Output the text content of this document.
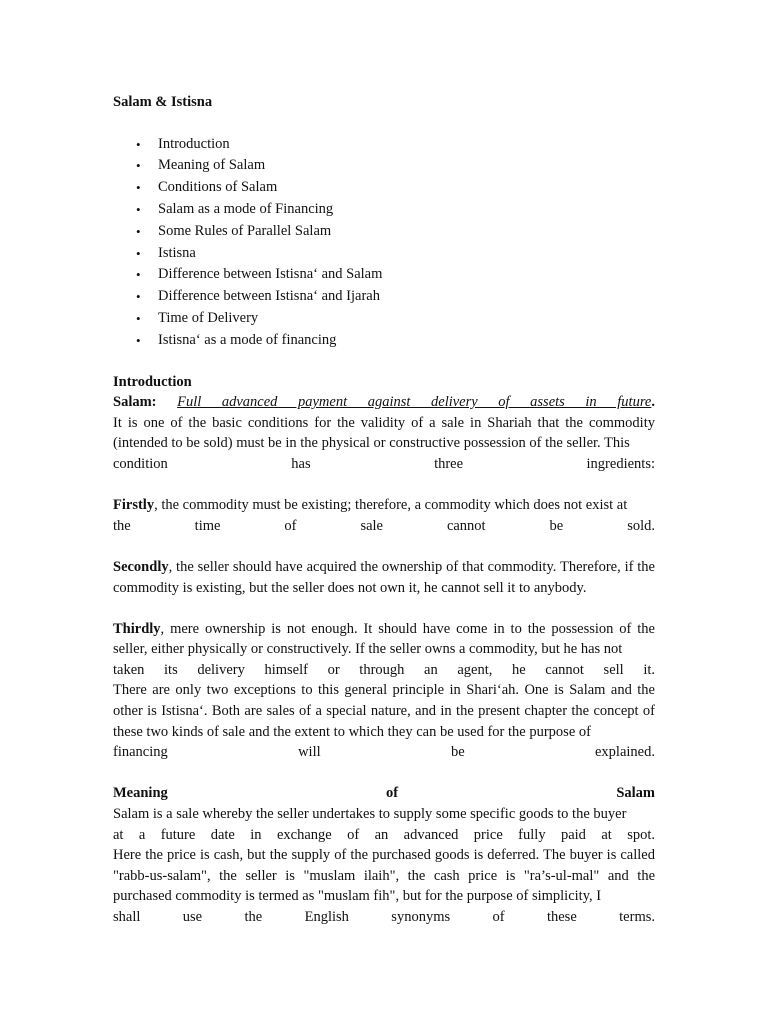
Salam & Istisna
• Introduction
• Meaning of Salam
• Conditions of Salam
• Salam as a mode of Financing
• Some Rules of Parallel Salam
• Istisna
• Difference between Istisna‘ and Salam
• Difference between Istisna‘ and Ijarah
• Time of Delivery
• Istisna‘ as a mode of financing
Introduction
Salam: Full advanced payment against delivery of assets in future.
It is one of the basic conditions for the validity of a sale in Shariah that the commodity (intended to be sold) must be in the physical or constructive possession of the seller. This
condition has three ingredients:
Firstly, the commodity must be existing; therefore, a commodity which does not exist at
the time of sale cannot be sold.
Secondly, the seller should have acquired the ownership of that commodity. Therefore, if the commodity is existing, but the seller does not own it, he cannot sell it to anybody.
Thirdly, mere ownership is not enough. It should have come in to the possession of the seller, either physically or constructively. If the seller owns a commodity, but he has not
taken its delivery himself or through an agent, he cannot sell it.
There are only two exceptions to this general principle in Shari‘ah. One is Salam and the other is Istisna‘. Both are sales of a special nature, and in the present chapter the concept of these two kinds of sale and the extent to which they can be used for the purpose of
financing will be explained.
Meaning of Salam
Salam is a sale whereby the seller undertakes to supply some specific goods to the buyer
at a future date in exchange of an advanced price fully paid at spot.
Here the price is cash, but the supply of the purchased goods is deferred. The buyer is called "rabb-us-salam", the seller is "muslam ilaih", the cash price is "ra’s-ul-mal" and the purchased commodity is termed as "muslam fih", but for the purpose of simplicity, I
shall use the English synonyms of these terms.
